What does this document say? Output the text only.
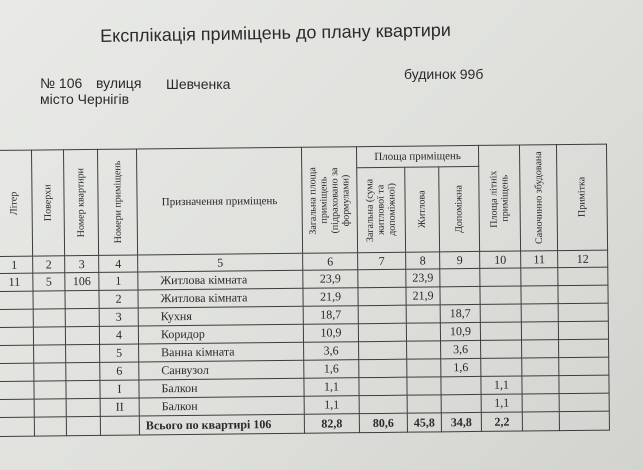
Експлікація приміщень до плану квартири
№ 106 вулиця Шевченка
будинок 99б
місто Чернігів
Літер	Поверхи	Номер квартири	Номери приміщень	Призначення приміщень	Загальна площа приміщень (підраховано за формулами)	Площа приміщень			Площа літніх приміщень	Самочинно збудована	Примітка

						Загальна (сума житлової та допоміжної)	Житлова	Допоміжна			

1	2	3	4	5	6	7	8	9	10	11	12
11	5	106	1	Житлова кімната	23,9		23,9				
			2	Житлова кімната	21,9		21,9				
			3	Кухня	18,7			18,7			
			4	Коридор	10,9			10,9			
			5	Ванна кімната	3,6			3,6			
			6	Санвузол	1,6			1,6			
			I	Балкон	1,1				1,1		
			II	Балкон	1,1				1,1		
				Всього по квартирі 106	82,8	80,6	45,8	34,8	2,2		
